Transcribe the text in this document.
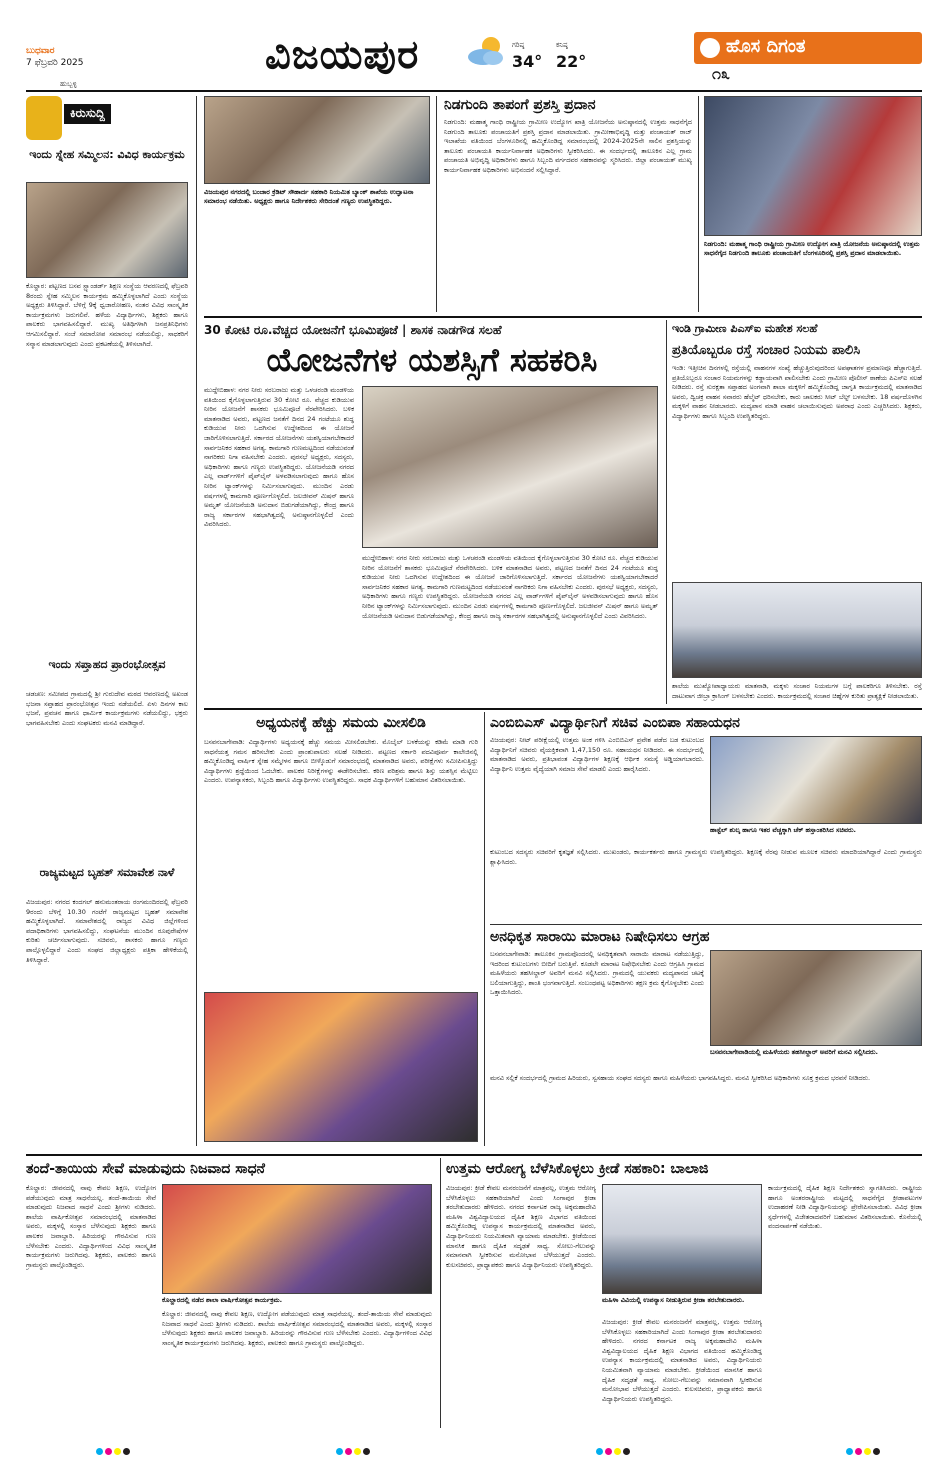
ಬುಧವಾರ
7 ಫೆಬ್ರವರಿ 2025
ಹುಬ್ಬಳ್ಳಿ
ವಿಜಯಪುರ	ಗರಿಷ್ಠ
34°
ಕನಿಷ್ಠ
22°
ಹೊಸ ದಿಗಂತ
೧೩
ಕಿರುಸುದ್ದಿ
ಇಂದು ಸ್ನೇಹ ಸಮ್ಮಿಲನ: ವಿವಿಧ ಕಾರ್ಯಕ್ರಮ
ಕೊಲ್ಹಾರ: ಪಟ್ಟಣದ ಬಸವ ಸ್ಟ್ಯಾಂಡರ್ಡ್ ಶಿಕ್ಷಣ ಸಂಸ್ಥೆಯ ಆವರಣದಲ್ಲಿ ಫೆಬ್ರವರಿ 8ರಂದು ಸ್ನೇಹ ಸಮ್ಮಿಲನ ಕಾರ್ಯಕ್ರಮ ಹಮ್ಮಿಕೊಳ್ಳಲಾಗಿದೆ ಎಂದು ಸಂಸ್ಥೆಯ ಅಧ್ಯಕ್ಷರು ತಿಳಿಸಿದ್ದಾರೆ. ಬೆಳಿಗ್ಗೆ 9ಕ್ಕೆ ಧ್ವಜಾರೋಹಣ, ನಂತರ ವಿವಿಧ ಸಾಂಸ್ಕೃತಿಕ ಕಾರ್ಯಕ್ರಮಗಳು ಜರುಗಲಿವೆ. ಹಳೆಯ ವಿದ್ಯಾರ್ಥಿಗಳು, ಶಿಕ್ಷಕರು ಹಾಗೂ ಪಾಲಕರು ಭಾಗವಹಿಸಲಿದ್ದಾರೆ. ಮುಖ್ಯ ಅತಿಥಿಗಳಾಗಿ ಜನಪ್ರತಿನಿಧಿಗಳು ಆಗಮಿಸಲಿದ್ದಾರೆ. ಸಂಜೆ ಸಮಾರೋಪ ಸಮಾರಂಭ ನಡೆಯಲಿದ್ದು, ಸಾಧಕರಿಗೆ ಸನ್ಮಾನ ಮಾಡಲಾಗುವುದು ಎಂದು ಪ್ರಕಟಣೆಯಲ್ಲಿ ತಿಳಿಸಲಾಗಿದೆ.
ಇಂದು ಸಪ್ತಾಹದ ಪ್ರಾರಂಭೋತ್ಸವ
ಚಡಚಣ: ಸಮೀಪದ ಗ್ರಾಮದಲ್ಲಿ ಶ್ರೀ ಗುರುದೇವ ಮಠದ ಆವರಣದಲ್ಲಿ ಅಖಂಡ ಭಜನಾ ಸಪ್ತಾಹದ ಪ್ರಾರಂಭೋತ್ಸವ ಇಂದು ನಡೆಯಲಿದೆ. ಏಳು ದಿನಗಳ ಕಾಲ ಭಜನೆ, ಪ್ರವಚನ ಹಾಗೂ ಧಾರ್ಮಿಕ ಕಾರ್ಯಕ್ರಮಗಳು ನಡೆಯಲಿದ್ದು, ಭಕ್ತರು ಭಾಗವಹಿಸಬೇಕು ಎಂದು ಸಂಘಟಕರು ಮನವಿ ಮಾಡಿದ್ದಾರೆ.
ರಾಜ್ಯಮಟ್ಟದ ಬೃಹತ್ ಸಮಾವೇಶ ನಾಳೆ
ವಿಜಯಪುರ: ನಗರದ ಕಂದಗಲ್ ಹನುಮಂತರಾಯ ರಂಗಮಂದಿರದಲ್ಲಿ ಫೆಬ್ರವರಿ 9ರಂದು ಬೆಳಿಗ್ಗೆ 10.30 ಗಂಟೆಗೆ ರಾಜ್ಯಮಟ್ಟದ ಬೃಹತ್ ಸಮಾವೇಶ ಹಮ್ಮಿಕೊಳ್ಳಲಾಗಿದೆ. ಸಮಾವೇಶದಲ್ಲಿ ರಾಜ್ಯದ ವಿವಿಧ ಜಿಲ್ಲೆಗಳಿಂದ ಪದಾಧಿಕಾರಿಗಳು ಭಾಗವಹಿಸಲಿದ್ದು, ಸಂಘಟನೆಯ ಮುಂದಿನ ರೂಪುರೇಷೆಗಳ ಕುರಿತು ಚರ್ಚಿಸಲಾಗುವುದು. ಸಚಿವರು, ಶಾಸಕರು ಹಾಗೂ ಗಣ್ಯರು ಪಾಲ್ಗೊಳ್ಳಲಿದ್ದಾರೆ ಎಂದು ಸಂಘದ ಜಿಲ್ಲಾಧ್ಯಕ್ಷರು ಪತ್ರಿಕಾ ಹೇಳಿಕೆಯಲ್ಲಿ ತಿಳಿಸಿದ್ದಾರೆ.
ವಿಜಯಪುರ ನಗರದಲ್ಲಿ ಬಂಜಾರ ಕ್ರೆಡಿಟ್ ಸೌಹಾರ್ದ ಸಹಕಾರಿ ನಿಯಮಿತ ಬ್ಯಾಂಕ್ ಶಾಖೆಯ ಉದ್ಘಾಟನಾ ಸಮಾರಂಭ ನಡೆಯಿತು. ಅಧ್ಯಕ್ಷರು ಹಾಗೂ ನಿರ್ದೇಶಕರು ಸೇರಿದಂತೆ ಗಣ್ಯರು ಉಪಸ್ಥಿತರಿದ್ದರು.
ನಿಡಗುಂದಿ ತಾಪಂಗೆ ಪ್ರಶಸ್ತಿ ಪ್ರದಾನ
ನಿಡಗುಂದಿ: ಮಹಾತ್ಮ ಗಾಂಧಿ ರಾಷ್ಟ್ರೀಯ ಗ್ರಾಮೀಣ ಉದ್ಯೋಗ ಖಾತ್ರಿ ಯೋಜನೆಯ ಅನುಷ್ಠಾನದಲ್ಲಿ ಉತ್ತಮ ಸಾಧನೆಗೈದ ನಿಡಗುಂದಿ ತಾಲೂಕು ಪಂಚಾಯತಿಗೆ ಪ್ರಶಸ್ತಿ ಪ್ರದಾನ ಮಾಡಲಾಯಿತು. ಗ್ರಾಮೀಣಾಭಿವೃದ್ಧಿ ಮತ್ತು ಪಂಚಾಯತ್ ರಾಜ್ ಇಲಾಖೆಯ ವತಿಯಿಂದ ಬೆಂಗಳೂರಿನಲ್ಲಿ ಹಮ್ಮಿಕೊಂಡಿದ್ದ ಸಮಾರಂಭದಲ್ಲಿ 2024-2025ನೇ ಸಾಲಿನ ಪ್ರಶಸ್ತಿಯನ್ನು ತಾಲೂಕು ಪಂಚಾಯತಿ ಕಾರ್ಯನಿರ್ವಾಹಕ ಅಧಿಕಾರಿಗಳು ಸ್ವೀಕರಿಸಿದರು. ಈ ಸಂದರ್ಭದಲ್ಲಿ ತಾಲೂಕಿನ ಎಲ್ಲ ಗ್ರಾಮ ಪಂಚಾಯತಿ ಅಭಿವೃದ್ಧಿ ಅಧಿಕಾರಿಗಳು ಹಾಗೂ ಸಿಬ್ಬಂದಿ ವರ್ಗದವರ ಸಹಕಾರವನ್ನು ಸ್ಮರಿಸಿದರು. ಜಿಲ್ಲಾ ಪಂಚಾಯತ್ ಮುಖ್ಯ ಕಾರ್ಯನಿರ್ವಾಹಕ ಅಧಿಕಾರಿಗಳು ಅಭಿನಂದನೆ ಸಲ್ಲಿಸಿದ್ದಾರೆ.
ನಿಡಗುಂದಿ: ಮಹಾತ್ಮ ಗಾಂಧಿ ರಾಷ್ಟ್ರೀಯ ಗ್ರಾಮೀಣ ಉದ್ಯೋಗ ಖಾತ್ರಿ ಯೋಜನೆಯ ಅನುಷ್ಠಾನದಲ್ಲಿ ಉತ್ತಮ ಸಾಧನೆಗೈದ ನಿಡಗುಂದಿ ತಾಲೂಕು ಪಂಚಾಯತಿಗೆ ಬೆಂಗಳೂರಿನಲ್ಲಿ ಪ್ರಶಸ್ತಿ ಪ್ರದಾನ ಮಾಡಲಾಯಿತು.
30 ಕೋಟಿ ರೂ.ವೆಚ್ಚದ ಯೋಜನೆಗೆ ಭೂಮಿಪೂಜೆ | ಶಾಸಕ ನಾಡಗೌಡ ಸಲಹೆ
ಯೋಜನೆಗಳ ಯಶಸ್ಸಿಗೆ ಸಹಕರಿಸಿ
ಮುದ್ದೇಬಿಹಾಳ: ನಗರ ನೀರು ಸರಬರಾಜು ಮತ್ತು ಒಳಚರಂಡಿ ಮಂಡಳಿಯ ವತಿಯಿಂದ ಕೈಗೊಳ್ಳಲಾಗುತ್ತಿರುವ 30 ಕೋಟಿ ರೂ. ವೆಚ್ಚದ ಕುಡಿಯುವ ನೀರಿನ ಯೋಜನೆಗೆ ಶಾಸಕರು ಭೂಮಿಪೂಜೆ ನೆರವೇರಿಸಿದರು. ಬಳಿಕ ಮಾತನಾಡಿದ ಅವರು, ಪಟ್ಟಣದ ಜನತೆಗೆ ದಿನದ 24 ಗಂಟೆಯೂ ಶುದ್ಧ ಕುಡಿಯುವ ನೀರು ಒದಗಿಸುವ ಉದ್ದೇಶದಿಂದ ಈ ಯೋಜನೆ ಜಾರಿಗೊಳಿಸಲಾಗುತ್ತಿದೆ. ಸರ್ಕಾರದ ಯೋಜನೆಗಳು ಯಶಸ್ವಿಯಾಗಬೇಕಾದರೆ ಸಾರ್ವಜನಿಕರ ಸಹಕಾರ ಅಗತ್ಯ. ಕಾಮಗಾರಿ ಗುಣಮಟ್ಟದಿಂದ ನಡೆಯುವಂತೆ ನಾಗರಿಕರು ನಿಗಾ ವಹಿಸಬೇಕು ಎಂದರು. ಪುರಸಭೆ ಅಧ್ಯಕ್ಷರು, ಸದಸ್ಯರು, ಅಧಿಕಾರಿಗಳು ಹಾಗೂ ಗಣ್ಯರು ಉಪಸ್ಥಿತರಿದ್ದರು. ಯೋಜನೆಯಡಿ ನಗರದ ಎಲ್ಲ ವಾರ್ಡ್‌ಗಳಿಗೆ ಪೈಪ್‌ಲೈನ್ ಅಳವಡಿಸಲಾಗುವುದು ಹಾಗೂ ಹೊಸ ನೀರಿನ ಟ್ಯಾಂಕ್‌ಗಳನ್ನು ನಿರ್ಮಿಸಲಾಗುವುದು. ಮುಂದಿನ ಎರಡು ವರ್ಷಗಳಲ್ಲಿ ಕಾಮಗಾರಿ ಪೂರ್ಣಗೊಳ್ಳಲಿದೆ. ಜಲಜೀವನ್ ಮಿಷನ್ ಹಾಗೂ ಅಮೃತ್ ಯೋಜನೆಯಡಿ ಅನುದಾನ ಬಿಡುಗಡೆಯಾಗಿದ್ದು, ಕೇಂದ್ರ ಹಾಗೂ ರಾಜ್ಯ ಸರ್ಕಾರಗಳ ಸಹಭಾಗಿತ್ವದಲ್ಲಿ ಅನುಷ್ಠಾನಗೊಳ್ಳಲಿದೆ ಎಂದು ವಿವರಿಸಿದರು.
ಮುದ್ದೇಬಿಹಾಳ: ನಗರ ನೀರು ಸರಬರಾಜು ಮತ್ತು ಒಳಚರಂಡಿ ಮಂಡಳಿಯ ವತಿಯಿಂದ ಕೈಗೊಳ್ಳಲಾಗುತ್ತಿರುವ 30 ಕೋಟಿ ರೂ. ವೆಚ್ಚದ ಕುಡಿಯುವ ನೀರಿನ ಯೋಜನೆಗೆ ಶಾಸಕರು ಭೂಮಿಪೂಜೆ ನೆರವೇರಿಸಿದರು. ಬಳಿಕ ಮಾತನಾಡಿದ ಅವರು, ಪಟ್ಟಣದ ಜನತೆಗೆ ದಿನದ 24 ಗಂಟೆಯೂ ಶುದ್ಧ ಕುಡಿಯುವ ನೀರು ಒದಗಿಸುವ ಉದ್ದೇಶದಿಂದ ಈ ಯೋಜನೆ ಜಾರಿಗೊಳಿಸಲಾಗುತ್ತಿದೆ. ಸರ್ಕಾರದ ಯೋಜನೆಗಳು ಯಶಸ್ವಿಯಾಗಬೇಕಾದರೆ ಸಾರ್ವಜನಿಕರ ಸಹಕಾರ ಅಗತ್ಯ. ಕಾಮಗಾರಿ ಗುಣಮಟ್ಟದಿಂದ ನಡೆಯುವಂತೆ ನಾಗರಿಕರು ನಿಗಾ ವಹಿಸಬೇಕು ಎಂದರು. ಪುರಸಭೆ ಅಧ್ಯಕ್ಷರು, ಸದಸ್ಯರು, ಅಧಿಕಾರಿಗಳು ಹಾಗೂ ಗಣ್ಯರು ಉಪಸ್ಥಿತರಿದ್ದರು. ಯೋಜನೆಯಡಿ ನಗರದ ಎಲ್ಲ ವಾರ್ಡ್‌ಗಳಿಗೆ ಪೈಪ್‌ಲೈನ್ ಅಳವಡಿಸಲಾಗುವುದು ಹಾಗೂ ಹೊಸ ನೀರಿನ ಟ್ಯಾಂಕ್‌ಗಳನ್ನು ನಿರ್ಮಿಸಲಾಗುವುದು. ಮುಂದಿನ ಎರಡು ವರ್ಷಗಳಲ್ಲಿ ಕಾಮಗಾರಿ ಪೂರ್ಣಗೊಳ್ಳಲಿದೆ. ಜಲಜೀವನ್ ಮಿಷನ್ ಹಾಗೂ ಅಮೃತ್ ಯೋಜನೆಯಡಿ ಅನುದಾನ ಬಿಡುಗಡೆಯಾಗಿದ್ದು, ಕೇಂದ್ರ ಹಾಗೂ ರಾಜ್ಯ ಸರ್ಕಾರಗಳ ಸಹಭಾಗಿತ್ವದಲ್ಲಿ ಅನುಷ್ಠಾನಗೊಳ್ಳಲಿದೆ ಎಂದು ವಿವರಿಸಿದರು.
ಇಂಡಿ ಗ್ರಾಮೀಣ ಪಿಎಸ್‌ಐ ಮಹೇಶ ಸಲಹೆ
ಪ್ರತಿಯೊಬ್ಬರೂ ರಸ್ತೆ ಸಂಚಾರ ನಿಯಮ ಪಾಲಿಸಿ
ಇಂಡಿ: ಇತ್ತೀಚಿನ ದಿನಗಳಲ್ಲಿ ರಸ್ತೆಯಲ್ಲಿ ವಾಹನಗಳ ಸಂಖ್ಯೆ ಹೆಚ್ಚುತ್ತಿರುವುದರಿಂದ ಅಪಘಾತಗಳ ಪ್ರಮಾಣವೂ ಹೆಚ್ಚಾಗುತ್ತಿದೆ. ಪ್ರತಿಯೊಬ್ಬರೂ ಸಂಚಾರ ನಿಯಮಗಳನ್ನು ಕಡ್ಡಾಯವಾಗಿ ಪಾಲಿಸಬೇಕು ಎಂದು ಗ್ರಾಮೀಣ ಪೊಲೀಸ್ ಠಾಣೆಯ ಪಿಎಸ್‌ಐ ಸಲಹೆ ನೀಡಿದರು. ರಸ್ತೆ ಸುರಕ್ಷತಾ ಸಪ್ತಾಹದ ಅಂಗವಾಗಿ ಶಾಲಾ ಮಕ್ಕಳಿಗೆ ಹಮ್ಮಿಕೊಂಡಿದ್ದ ಜಾಗೃತಿ ಕಾರ್ಯಕ್ರಮದಲ್ಲಿ ಮಾತನಾಡಿದ ಅವರು, ದ್ವಿಚಕ್ರ ವಾಹನ ಸವಾರರು ಹೆಲ್ಮೆಟ್ ಧರಿಸಬೇಕು, ಕಾರು ಚಾಲಕರು ಸೀಟ್ ಬೆಲ್ಟ್ ಬಳಸಬೇಕು. 18 ವರ್ಷದೊಳಗಿನ ಮಕ್ಕಳಿಗೆ ವಾಹನ ನೀಡಬಾರದು. ಮದ್ಯಪಾನ ಮಾಡಿ ವಾಹನ ಚಲಾಯಿಸುವುದು ಅಪರಾಧ ಎಂದು ಎಚ್ಚರಿಸಿದರು. ಶಿಕ್ಷಕರು, ವಿದ್ಯಾರ್ಥಿಗಳು ಹಾಗೂ ಸಿಬ್ಬಂದಿ ಉಪಸ್ಥಿತರಿದ್ದರು.
ಶಾಲೆಯ ಮುಖ್ಯೋಪಾಧ್ಯಾಯರು ಮಾತನಾಡಿ, ಮಕ್ಕಳು ಸಂಚಾರ ನಿಯಮಗಳ ಬಗ್ಗೆ ಪಾಲಕರಿಗೂ ತಿಳಿಸಬೇಕು. ರಸ್ತೆ ದಾಟುವಾಗ ಜೀಬ್ರಾ ಕ್ರಾಸಿಂಗ್ ಬಳಸಬೇಕು ಎಂದರು. ಕಾರ್ಯಕ್ರಮದಲ್ಲಿ ಸಂಚಾರ ಚಿಹ್ನೆಗಳ ಕುರಿತು ಪ್ರಾತ್ಯಕ್ಷಿಕೆ ನೀಡಲಾಯಿತು.
ಅಧ್ಯಯನಕ್ಕೆ ಹೆಚ್ಚು ಸಮಯ ಮೀಸಲಿಡಿ
ಬಸವನಬಾಗೇವಾಡಿ: ವಿದ್ಯಾರ್ಥಿಗಳು ಅಧ್ಯಯನಕ್ಕೆ ಹೆಚ್ಚು ಸಮಯ ಮೀಸಲಿಡಬೇಕು. ಮೊಬೈಲ್ ಬಳಕೆಯನ್ನು ಕಡಿಮೆ ಮಾಡಿ ಗುರಿ ಸಾಧನೆಯತ್ತ ಗಮನ ಹರಿಸಬೇಕು ಎಂದು ಪ್ರಾಂಶುಪಾಲರು ಸಲಹೆ ನೀಡಿದರು. ಪಟ್ಟಣದ ಸರ್ಕಾರಿ ಪದವಿಪೂರ್ವ ಕಾಲೇಜಿನಲ್ಲಿ ಹಮ್ಮಿಕೊಂಡಿದ್ದ ವಾರ್ಷಿಕ ಸ್ನೇಹ ಸಮ್ಮೇಳನ ಹಾಗೂ ಬೀಳ್ಕೊಡುಗೆ ಸಮಾರಂಭದಲ್ಲಿ ಮಾತನಾಡಿದ ಅವರು, ಪರೀಕ್ಷೆಗಳು ಸಮೀಪಿಸುತ್ತಿದ್ದು ವಿದ್ಯಾರ್ಥಿಗಳು ಶ್ರದ್ಧೆಯಿಂದ ಓದಬೇಕು. ಪಾಲಕರ ನಿರೀಕ್ಷೆಗಳನ್ನು ಈಡೇರಿಸಬೇಕು. ಕಠಿಣ ಪರಿಶ್ರಮ ಹಾಗೂ ಶಿಸ್ತು ಯಶಸ್ಸಿನ ಮೆಟ್ಟಿಲು ಎಂದರು. ಉಪನ್ಯಾಸಕರು, ಸಿಬ್ಬಂದಿ ಹಾಗೂ ವಿದ್ಯಾರ್ಥಿಗಳು ಉಪಸ್ಥಿತರಿದ್ದರು. ಸಾಧಕ ವಿದ್ಯಾರ್ಥಿಗಳಿಗೆ ಬಹುಮಾನ ವಿತರಿಸಲಾಯಿತು.
ಎಂಬಿಬಿಎಸ್ ವಿದ್ಯಾರ್ಥಿನಿಗೆ ಸಚಿವ ಎಂಬಿಪಾ ಸಹಾಯಧನ
ವಿಜಯಪುರ: ನೀಟ್ ಪರೀಕ್ಷೆಯಲ್ಲಿ ಉತ್ತಮ ಅಂಕ ಗಳಿಸಿ ಎಂಬಿಬಿಎಸ್ ಪ್ರವೇಶ ಪಡೆದ ಬಡ ಕುಟುಂಬದ ವಿದ್ಯಾರ್ಥಿನಿಗೆ ಸಚಿವರು ವೈಯಕ್ತಿಕವಾಗಿ 1,47,150 ರೂ. ಸಹಾಯಧನ ನೀಡಿದರು. ಈ ಸಂದರ್ಭದಲ್ಲಿ ಮಾತನಾಡಿದ ಅವರು, ಪ್ರತಿಭಾವಂತ ವಿದ್ಯಾರ್ಥಿಗಳ ಶಿಕ್ಷಣಕ್ಕೆ ಆರ್ಥಿಕ ಸಮಸ್ಯೆ ಅಡ್ಡಿಯಾಗಬಾರದು. ವಿದ್ಯಾರ್ಥಿನಿ ಉತ್ತಮ ವೈದ್ಯೆಯಾಗಿ ಸಮಾಜ ಸೇವೆ ಮಾಡಲಿ ಎಂದು ಹಾರೈಸಿದರು.
ಹಾಸ್ಟೆಲ್ ಶುಲ್ಕ ಹಾಗೂ ಇತರ ವೆಚ್ಚಕ್ಕಾಗಿ ಚೆಕ್ ಹಸ್ತಾಂತರಿಸಿದ ಸಚಿವರು.
ಕುಟುಂಬದ ಸದಸ್ಯರು ಸಚಿವರಿಗೆ ಕೃತಜ್ಞತೆ ಸಲ್ಲಿಸಿದರು. ಮುಖಂಡರು, ಕಾರ್ಯಕರ್ತರು ಹಾಗೂ ಗ್ರಾಮಸ್ಥರು ಉಪಸ್ಥಿತರಿದ್ದರು. ಶಿಕ್ಷಣಕ್ಕೆ ನೆರವು ನೀಡುವ ಮೂಲಕ ಸಚಿವರು ಮಾದರಿಯಾಗಿದ್ದಾರೆ ಎಂದು ಗ್ರಾಮಸ್ಥರು ಶ್ಲಾಘಿಸಿದರು.
ಅನಧಿಕೃತ ಸಾರಾಯಿ ಮಾರಾಟ ನಿಷೇಧಿಸಲು ಆಗ್ರಹ
ಬಸವನಬಾಗೇವಾಡಿ: ತಾಲೂಕಿನ ಗ್ರಾಮವೊಂದರಲ್ಲಿ ಅನಧಿಕೃತವಾಗಿ ಸಾರಾಯಿ ಮಾರಾಟ ನಡೆಯುತ್ತಿದ್ದು, ಇದರಿಂದ ಕುಟುಂಬಗಳು ಬೀದಿಗೆ ಬರುತ್ತಿವೆ. ಕೂಡಲೇ ಮಾರಾಟ ನಿಷೇಧಿಸಬೇಕು ಎಂದು ಆಗ್ರಹಿಸಿ ಗ್ರಾಮದ ಮಹಿಳೆಯರು ತಹಸೀಲ್ದಾರ್ ಅವರಿಗೆ ಮನವಿ ಸಲ್ಲಿಸಿದರು. ಗ್ರಾಮದಲ್ಲಿ ಯುವಕರು ಮದ್ಯಪಾನದ ಚಟಕ್ಕೆ ಬಲಿಯಾಗುತ್ತಿದ್ದು, ಶಾಂತಿ ಭಂಗವಾಗುತ್ತಿದೆ. ಸಂಬಂಧಪಟ್ಟ ಅಧಿಕಾರಿಗಳು ತಕ್ಷಣ ಕ್ರಮ ಕೈಗೊಳ್ಳಬೇಕು ಎಂದು ಒತ್ತಾಯಿಸಿದರು.
ಬಸವನಬಾಗೇವಾಡಿಯಲ್ಲಿ ಮಹಿಳೆಯರು ತಹಸೀಲ್ದಾರ್ ಅವರಿಗೆ ಮನವಿ ಸಲ್ಲಿಸಿದರು.
ಮನವಿ ಸಲ್ಲಿಕೆ ಸಂದರ್ಭದಲ್ಲಿ ಗ್ರಾಮದ ಹಿರಿಯರು, ಸ್ವಸಹಾಯ ಸಂಘದ ಸದಸ್ಯರು ಹಾಗೂ ಮಹಿಳೆಯರು ಭಾಗವಹಿಸಿದ್ದರು. ಮನವಿ ಸ್ವೀಕರಿಸಿದ ಅಧಿಕಾರಿಗಳು ಸೂಕ್ತ ಕ್ರಮದ ಭರವಸೆ ನೀಡಿದರು.
ತಂದೆ-ತಾಯಿಯ ಸೇವೆ ಮಾಡುವುದು ನಿಜವಾದ ಸಾಧನೆ
ಕೊಲ್ಹಾರ: ಜೀವನದಲ್ಲಿ ನಾವು ಕೇವಲ ಶಿಕ್ಷಣ, ಉದ್ಯೋಗ ಪಡೆಯುವುದು ಮಾತ್ರ ಸಾಧನೆಯಲ್ಲ. ತಂದೆ-ತಾಯಿಯ ಸೇವೆ ಮಾಡುವುದು ನಿಜವಾದ ಸಾಧನೆ ಎಂದು ಶ್ರೀಗಳು ನುಡಿದರು. ಶಾಲೆಯ ವಾರ್ಷಿಕೋತ್ಸವ ಸಮಾರಂಭದಲ್ಲಿ ಮಾತನಾಡಿದ ಅವರು, ಮಕ್ಕಳಲ್ಲಿ ಸಂಸ್ಕಾರ ಬೆಳೆಸುವುದು ಶಿಕ್ಷಕರು ಹಾಗೂ ಪಾಲಕರ ಜವಾಬ್ದಾರಿ. ಹಿರಿಯರನ್ನು ಗೌರವಿಸುವ ಗುಣ ಬೆಳೆಸಬೇಕು ಎಂದರು. ವಿದ್ಯಾರ್ಥಿಗಳಿಂದ ವಿವಿಧ ಸಾಂಸ್ಕೃತಿಕ ಕಾರ್ಯಕ್ರಮಗಳು ಜರುಗಿದವು. ಶಿಕ್ಷಕರು, ಪಾಲಕರು ಹಾಗೂ ಗ್ರಾಮಸ್ಥರು ಪಾಲ್ಗೊಂಡಿದ್ದರು.
ಕೊಲ್ಹಾರದಲ್ಲಿ ನಡೆದ ಶಾಲಾ ವಾರ್ಷಿಕೋತ್ಸವ ಕಾರ್ಯಕ್ರಮ.
ಕೊಲ್ಹಾರ: ಜೀವನದಲ್ಲಿ ನಾವು ಕೇವಲ ಶಿಕ್ಷಣ, ಉದ್ಯೋಗ ಪಡೆಯುವುದು ಮಾತ್ರ ಸಾಧನೆಯಲ್ಲ. ತಂದೆ-ತಾಯಿಯ ಸೇವೆ ಮಾಡುವುದು ನಿಜವಾದ ಸಾಧನೆ ಎಂದು ಶ್ರೀಗಳು ನುಡಿದರು. ಶಾಲೆಯ ವಾರ್ಷಿಕೋತ್ಸವ ಸಮಾರಂಭದಲ್ಲಿ ಮಾತನಾಡಿದ ಅವರು, ಮಕ್ಕಳಲ್ಲಿ ಸಂಸ್ಕಾರ ಬೆಳೆಸುವುದು ಶಿಕ್ಷಕರು ಹಾಗೂ ಪಾಲಕರ ಜವಾಬ್ದಾರಿ. ಹಿರಿಯರನ್ನು ಗೌರವಿಸುವ ಗುಣ ಬೆಳೆಸಬೇಕು ಎಂದರು. ವಿದ್ಯಾರ್ಥಿಗಳಿಂದ ವಿವಿಧ ಸಾಂಸ್ಕೃತಿಕ ಕಾರ್ಯಕ್ರಮಗಳು ಜರುಗಿದವು. ಶಿಕ್ಷಕರು, ಪಾಲಕರು ಹಾಗೂ ಗ್ರಾಮಸ್ಥರು ಪಾಲ್ಗೊಂಡಿದ್ದರು.
ಉತ್ತಮ ಆರೋಗ್ಯ ಬೆಳೆಸಿಕೊಳ್ಳಲು ಕ್ರೀಡೆ ಸಹಕಾರಿ: ಬಾಲಾಜಿ
ವಿಜಯಪುರ: ಕ್ರೀಡೆ ಕೇವಲ ಮನರಂಜನೆಗೆ ಮಾತ್ರವಲ್ಲ, ಉತ್ತಮ ಆರೋಗ್ಯ ಬೆಳೆಸಿಕೊಳ್ಳಲು ಸಹಕಾರಿಯಾಗಿದೆ ಎಂದು ಸಿಂಗಾಪುರ ಕ್ರೀಡಾ ತರಬೇತುದಾರರು ಹೇಳಿದರು. ನಗರದ ಕರ್ನಾಟಕ ರಾಜ್ಯ ಅಕ್ಕಮಹಾದೇವಿ ಮಹಿಳಾ ವಿಶ್ವವಿದ್ಯಾಲಯದ ದೈಹಿಕ ಶಿಕ್ಷಣ ವಿಭಾಗದ ವತಿಯಿಂದ ಹಮ್ಮಿಕೊಂಡಿದ್ದ ಉಪನ್ಯಾಸ ಕಾರ್ಯಕ್ರಮದಲ್ಲಿ ಮಾತನಾಡಿದ ಅವರು, ವಿದ್ಯಾರ್ಥಿನಿಯರು ನಿಯಮಿತವಾಗಿ ವ್ಯಾಯಾಮ ಮಾಡಬೇಕು. ಕ್ರೀಡೆಯಿಂದ ಮಾನಸಿಕ ಹಾಗೂ ದೈಹಿಕ ಸದೃಢತೆ ಸಾಧ್ಯ. ಸೋಲು-ಗೆಲುವನ್ನು ಸಮಾನವಾಗಿ ಸ್ವೀಕರಿಸುವ ಮನೋಭಾವ ಬೆಳೆಯುತ್ತದೆ ಎಂದರು. ಕುಲಸಚಿವರು, ಪ್ರಾಧ್ಯಾಪಕರು ಹಾಗೂ ವಿದ್ಯಾರ್ಥಿನಿಯರು ಉಪಸ್ಥಿತರಿದ್ದರು.
ಮಹಿಳಾ ವಿವಿಯಲ್ಲಿ ಉಪನ್ಯಾಸ ನೀಡುತ್ತಿರುವ ಕ್ರೀಡಾ ತರಬೇತುದಾರರು.
ವಿಜಯಪುರ: ಕ್ರೀಡೆ ಕೇವಲ ಮನರಂಜನೆಗೆ ಮಾತ್ರವಲ್ಲ, ಉತ್ತಮ ಆರೋಗ್ಯ ಬೆಳೆಸಿಕೊಳ್ಳಲು ಸಹಕಾರಿಯಾಗಿದೆ ಎಂದು ಸಿಂಗಾಪುರ ಕ್ರೀಡಾ ತರಬೇತುದಾರರು ಹೇಳಿದರು. ನಗರದ ಕರ್ನಾಟಕ ರಾಜ್ಯ ಅಕ್ಕಮಹಾದೇವಿ ಮಹಿಳಾ ವಿಶ್ವವಿದ್ಯಾಲಯದ ದೈಹಿಕ ಶಿಕ್ಷಣ ವಿಭಾಗದ ವತಿಯಿಂದ ಹಮ್ಮಿಕೊಂಡಿದ್ದ ಉಪನ್ಯಾಸ ಕಾರ್ಯಕ್ರಮದಲ್ಲಿ ಮಾತನಾಡಿದ ಅವರು, ವಿದ್ಯಾರ್ಥಿನಿಯರು ನಿಯಮಿತವಾಗಿ ವ್ಯಾಯಾಮ ಮಾಡಬೇಕು. ಕ್ರೀಡೆಯಿಂದ ಮಾನಸಿಕ ಹಾಗೂ ದೈಹಿಕ ಸದೃಢತೆ ಸಾಧ್ಯ. ಸೋಲು-ಗೆಲುವನ್ನು ಸಮಾನವಾಗಿ ಸ್ವೀಕರಿಸುವ ಮನೋಭಾವ ಬೆಳೆಯುತ್ತದೆ ಎಂದರು. ಕುಲಸಚಿವರು, ಪ್ರಾಧ್ಯಾಪಕರು ಹಾಗೂ ವಿದ್ಯಾರ್ಥಿನಿಯರು ಉಪಸ್ಥಿತರಿದ್ದರು.
ಕಾರ್ಯಕ್ರಮದಲ್ಲಿ ದೈಹಿಕ ಶಿಕ್ಷಣ ನಿರ್ದೇಶಕರು ಸ್ವಾಗತಿಸಿದರು. ರಾಷ್ಟ್ರೀಯ ಹಾಗೂ ಅಂತರರಾಷ್ಟ್ರೀಯ ಮಟ್ಟದಲ್ಲಿ ಸಾಧನೆಗೈದ ಕ್ರೀಡಾಪಟುಗಳ ಉದಾಹರಣೆ ನೀಡಿ ವಿದ್ಯಾರ್ಥಿನಿಯರನ್ನು ಪ್ರೇರೇಪಿಸಲಾಯಿತು. ವಿವಿಧ ಕ್ರೀಡಾ ಸ್ಪರ್ಧೆಗಳಲ್ಲಿ ವಿಜೇತರಾದವರಿಗೆ ಬಹುಮಾನ ವಿತರಿಸಲಾಯಿತು. ಕೊನೆಯಲ್ಲಿ ವಂದನಾರ್ಪಣೆ ನಡೆಯಿತು.
